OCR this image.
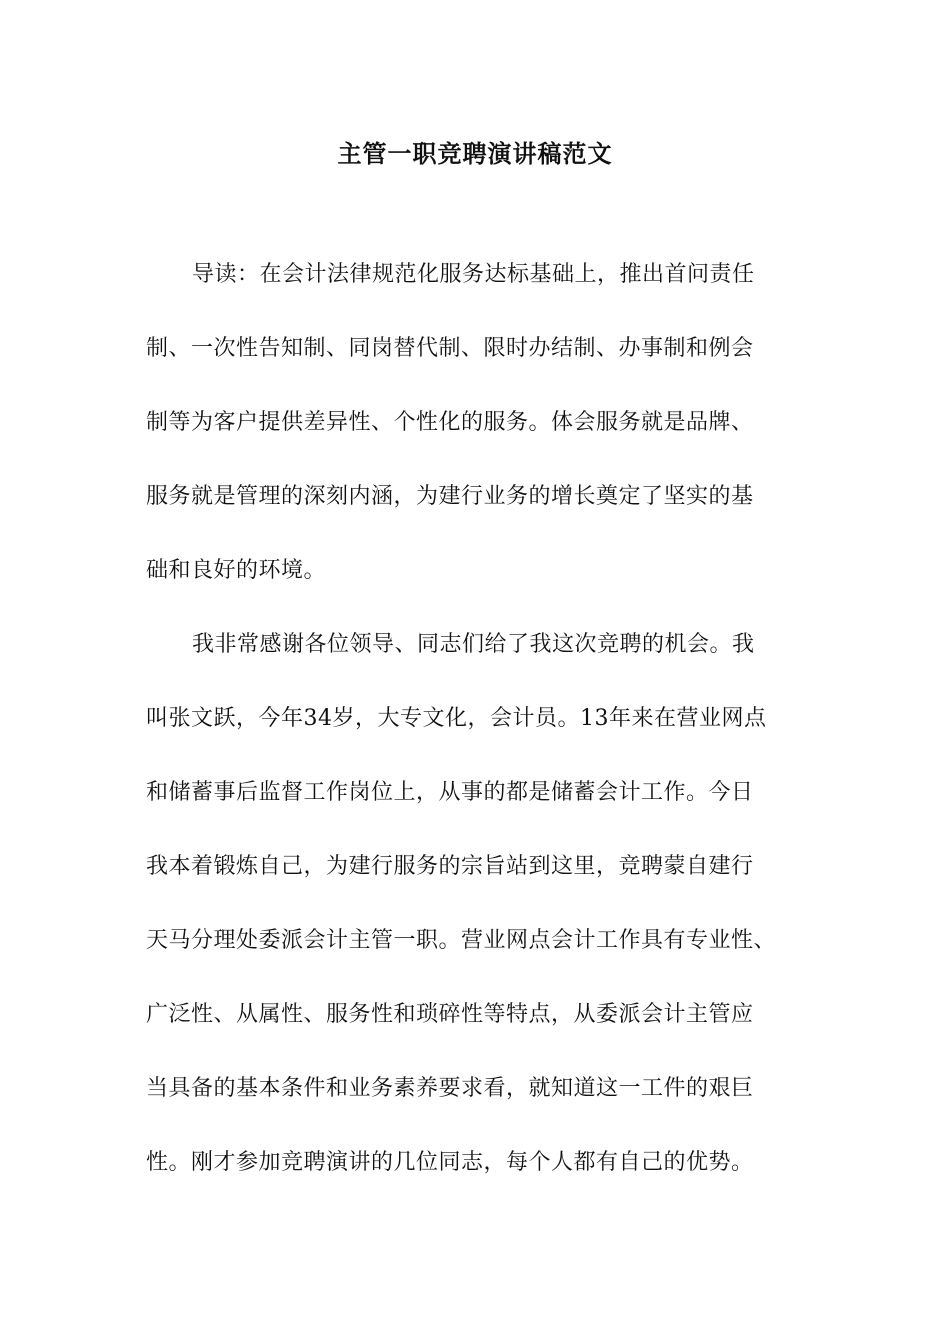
主管一职竞聘演讲稿范文
导读：在会计法律规范化服务达标基础上，推出首问责任
制、一次性告知制、同岗替代制、限时办结制、办事制和例会
制等为客户提供差异性、个性化的服务。体会服务就是品牌、
服务就是管理的深刻内涵，为建行业务的增长奠定了坚实的基
础和良好的环境。
我非常感谢各位领导、同志们给了我这次竞聘的机会。我
叫张文跃，今年34岁，大专文化，会计员。13年来在营业网点
和储蓄事后监督工作岗位上，从事的都是储蓄会计工作。今日
我本着锻炼自己，为建行服务的宗旨站到这里，竞聘蒙自建行
天马分理处委派会计主管一职。营业网点会计工作具有专业性、
广泛性、从属性、服务性和琐碎性等特点，从委派会计主管应
当具备的基本条件和业务素养要求看，就知道这一工件的艰巨
性。刚才参加竞聘演讲的几位同志，每个人都有自己的优势。
